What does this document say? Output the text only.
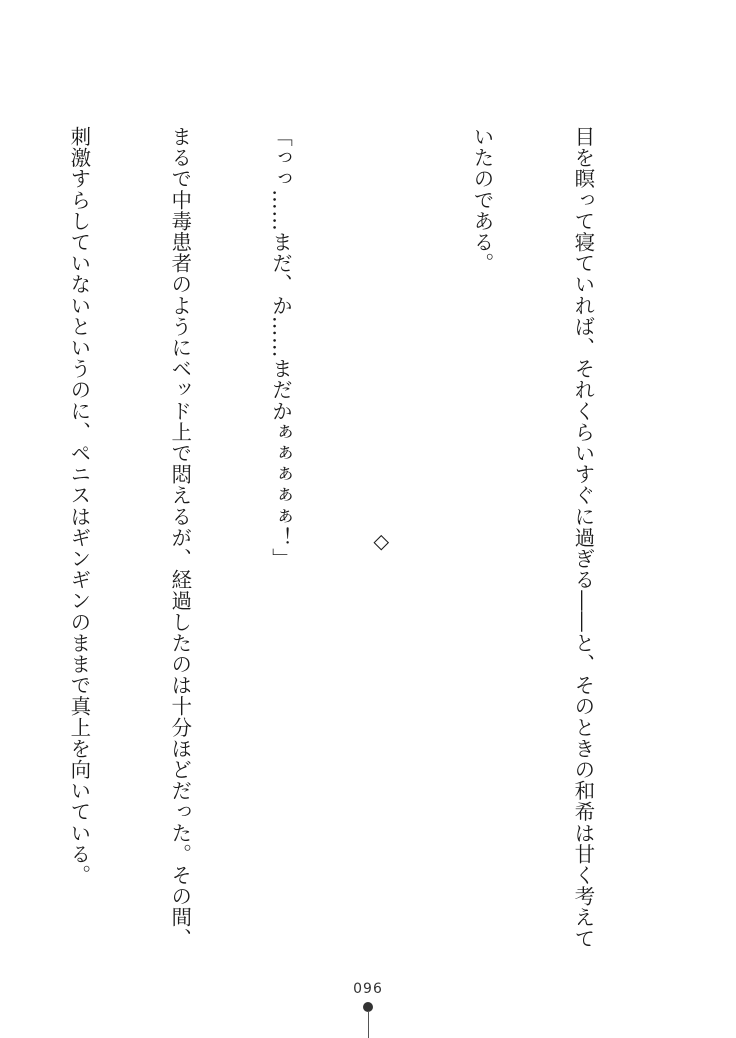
目を瞑って寝ていれば、それくらいすぐに過ぎる――と、そのときの和希は甘く考えて

いたのである。

◇

「っっ……まだ、か……まだかぁぁぁぁぁ！」

まるで中毒患者のようにベッド上で悶えるが、経過したのは十分ほどだった。その間、

刺激すらしていないというのに、ペニスはギンギンのままで真上を向いている。

096
